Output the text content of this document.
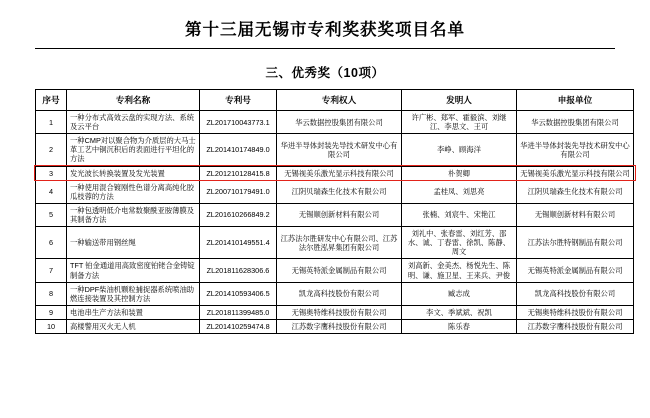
第十三届无锡市专利奖获奖项目名单
三、优秀奖（10项）
序号	专利名称	专利号	专利权人	发明人	申报单位
1	一种分布式高效云盘的实现方法、系统及云平台	ZL201710043773.1	华云数据控股集团有限公司	许广彬、郑军、霍毅滨、刘继江、李思文、王可	华云数据控股集团有限公司
2	一种CMP对以聚合物为介质层的大马士革工艺中铜沉积后的表面进行平坦化的方法	ZL201410174849.0	华进半导体封装先导技术研发中心有限公司	李峥、顾海洋	华进半导体封装先导技术研发中心有限公司
3	发光波长转换装置及发光装置	ZL201210128415.8	无锡视美乐激光显示科技有限公司	朴贺卿	无锡视美乐激光显示科技有限公司
4	一种使用混合镀刚性色谱分离高纯化胶瓜枝蓉的方法	ZL200710179491.0	江阴贝瑞森生化技术有限公司	孟桂凤、刘思亮	江阴贝瑞森生化技术有限公司
5	一种包透明低介电常数聚酰亚胺薄膜及其制备方法	ZL201610266849.2	无锡顺创新材料有限公司	张楠、刘宸牛、宋艳江	无锡顺创新材料有限公司
6	一种输送带用钢丝绳	ZL201410149551.4	江苏法尔胜研发中心有限公司、江苏法尔胜泓昇集团有限公司	刘礼中、张春雷、刘红芳、邵水、诚、丁春雷、徐凯、陈静、周文	江苏法尔胜特钢制品有限公司
7	TFT 铂金通道用高致密度铂铑合金铸锭制备方法	ZL201811628306.6	无锡英特派金属制品有限公司	刘高新、金美杰、杨悦先生、陈明、谦、施卫星、王来兵、尹俊	无锡英特派金属制品有限公司
8	一种DPF柴油机颗粒捕捉器系统喷油助燃连接装置及其控制方法	ZL201410593406.5	凯龙高科技股份有限公司	臧志成	凯龙高科技股份有限公司
9	电池串生产方法和装置	ZL201811399485.0	无锡奥特维科技股份有限公司	李文、季斌斌、祝凯	无锡奥特维科技股份有限公司
10	高楼警用灭火无人机	ZL201410259474.8	江苏数字鹰科技股份有限公司	陈乐春	江苏数字鹰科技股份有限公司
